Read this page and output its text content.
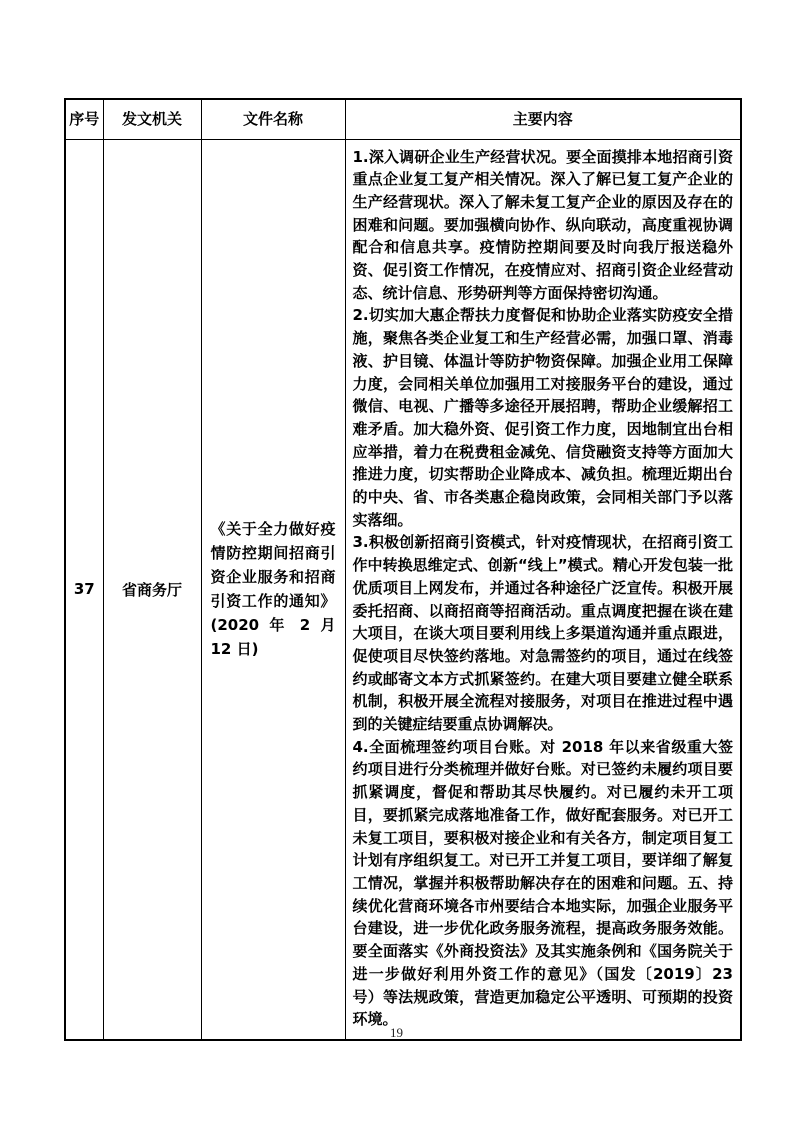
序号	发文机关	文件名称	主要内容
37	省商务厅	《关于全力做好疫情防控期间招商引资企业服务和招商引资工作的通知》(2020 年 2 月 12 日)	1.深入调研企业生产经营状况。要全面摸排本地招商引资重点企业复工复产相关情况。深入了解已复工复产企业的生产经营现状。深入了解未复工复产企业的原因及存在的困难和问题。要加强横向协作、纵向联动，高度重视协调配合和信息共享。疫情防控期间要及时向我厅报送稳外资、促引资工作情况，在疫情应对、招商引资企业经营动态、统计信息、形势研判等方面保持密切沟通。

2.切实加大惠企帮扶力度督促和协助企业落实防疫安全措施，聚焦各类企业复工和生产经营必需，加强口罩、消毒液、护目镜、体温计等防护物资保障。加强企业用工保障力度，会同相关单位加强用工对接服务平台的建设，通过微信、电视、广播等多途径开展招聘，帮助企业缓解招工难矛盾。加大稳外资、促引资工作力度，因地制宜出台相应举措，着力在税费租金减免、信贷融资支持等方面加大推进力度，切实帮助企业降成本、减负担。梳理近期出台的中央、省、市各类惠企稳岗政策，会同相关部门予以落实落细。

3.积极创新招商引资模式，针对疫情现状，在招商引资工作中转换思维定式、创新“线上”模式。精心开发包装一批优质项目上网发布，并通过各种途径广泛宣传。积极开展委托招商、以商招商等招商活动。重点调度把握在谈在建大项目，在谈大项目要利用线上多渠道沟通并重点跟进，促使项目尽快签约落地。对急需签约的项目，通过在线签约或邮寄文本方式抓紧签约。在建大项目要建立健全联系机制，积极开展全流程对接服务，对项目在推进过程中遇到的关键症结要重点协调解决。

4.全面梳理签约项目台账。对 2018 年以来省级重大签约项目进行分类梳理并做好台账。对已签约未履约项目要抓紧调度，督促和帮助其尽快履约。对已履约未开工项目，要抓紧完成落地准备工作，做好配套服务。对已开工未复工项目，要积极对接企业和有关各方，制定项目复工计划有序组织复工。对已开工并复工项目，要详细了解复工情况，掌握并积极帮助解决存在的困难和问题。五、持续优化营商环境各市州要结合本地实际，加强企业服务平台建设，进一步优化政务服务流程，提高政务服务效能。要全面落实《外商投资法》及其实施条例和《国务院关于进一步做好利用外资工作的意见》（国发〔2019〕23 号）等法规政策，营造更加稳定公平透明、可预期的投资环境。

19
